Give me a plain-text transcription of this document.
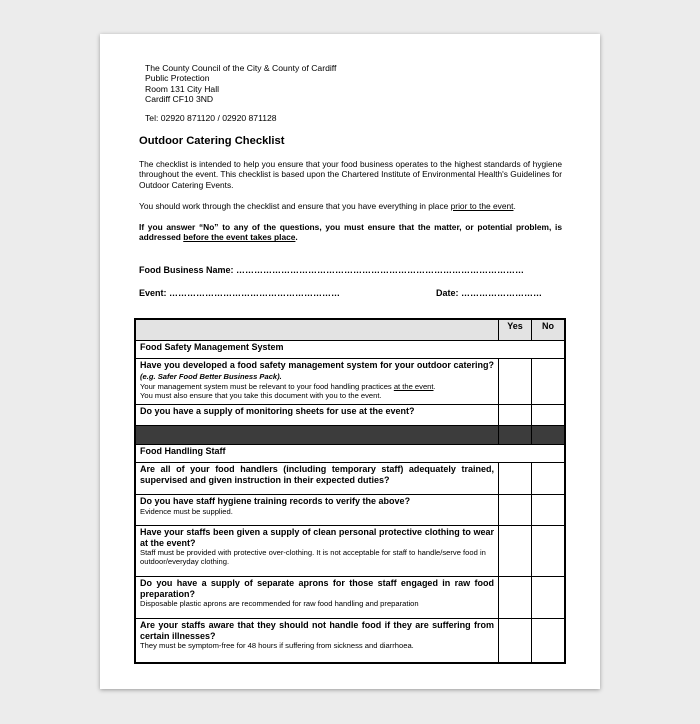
The County Council of the City & County of Cardiff
Public Protection
Room 131 City Hall
Cardiff CF10 3ND
Tel: 02920 871120 / 02920 871128
Outdoor Catering Checklist
The checklist is intended to help you ensure that your food business operates to the highest standards of hygiene throughout the event. This checklist is based upon the Chartered Institute of Environmental Health's Guidelines for Outdoor Catering Events.
You should work through the checklist and ensure that you have everything in place prior to the event.
If you answer “No” to any of the questions, you must ensure that the matter, or potential problem, is addressed before the event takes place.
Food Business Name: ……………………………………………………………………………………
Event: …………………………………………………	Date: ………………………
	Yes	No
Food Safety Management System		

Have you developed a food safety management system for your outdoor catering? (e.g. Safer Food Better Business Pack).
Your management system must be relevant to your food handling practices at the event.
You must also ensure that you take this document with you to the event.		

Do you have a supply of monitoring sheets for use at the event?		

Food Handling Staff		

Are all of your food handlers (including temporary staff) adequately trained, supervised and given instruction in their expected duties?		

Do you have staff hygiene training records to verify the above?
Evidence must be supplied.		

Have your staffs been given a supply of clean personal protective clothing to wear at the event?
Staff must be provided with protective over-clothing. It is not acceptable for staff to handle/serve food in outdoor/everyday clothing.		

Do you have a supply of separate aprons for those staff engaged in raw food preparation?
Disposable plastic aprons are recommended for raw food handling and preparation		

Are your staffs aware that they should not handle food if they are suffering from certain illnesses?
They must be symptom-free for 48 hours if suffering from sickness and diarrhoea.		
